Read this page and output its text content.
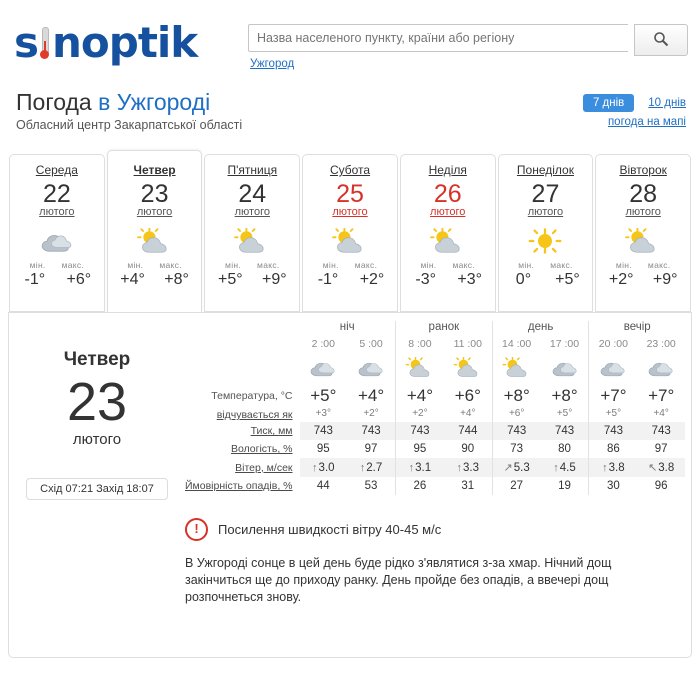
s noptik
Назва населеного пункту, країни або регіону	Ужгород
Погода в Ужгороді
Обласний центр Закарпатської області
7 днів 10 днів
погода на мапі
Середа
22
лютого
мін. макс.
-1°	+6°
Четвер
23
лютого
мін. макс.
+4°	+8°
П'ятниця
24
лютого
мін. макс.
+5°	+9°
Субота
25
лютого
мін. макс.
-1°	+2°
Неділя
26
лютого
мін. макс.
-3°	+3°
Понеділок
27
лютого
мін. макс.
0°	+5°
Вівторок
28
лютого
мін. макс.
+2°	+9°
Четвер
23
лютого
Схід 07:21 Захід 18:07
	ніч		ранок		день		вечір	
	2 :00	5 :00	8 :00	11 :00	14 :00	17 :00	20 :00	23 :00

Температура, °C	+5°	+4°	+4°	+6°	+8°	+8°	+7°	+7°
відчувається як	+3°	+2°	+2°	+4°	+6°	+5°	+5°	+4°
Тиск, мм	743	743	743	744	743	743	743	743
Вологість, %	95	97	95	90	73	80	86	97
Вітер, м/сек	↑3.0	↑2.7	↑3.1	↑3.3	↗5.3	↑4.5	↑3.8	↖3.8
Ймовірність опадів, %	44	53	26	31	27	19	30	96
!	Посилення швидкості вітру 40-45 м/с
В Ужгороді сонце в цей день буде рідко з'являтися з-за хмар. Нічний дощ закінчиться ще до приходу ранку. День пройде без опадів, а ввечері дощ розпочнеться знову.
